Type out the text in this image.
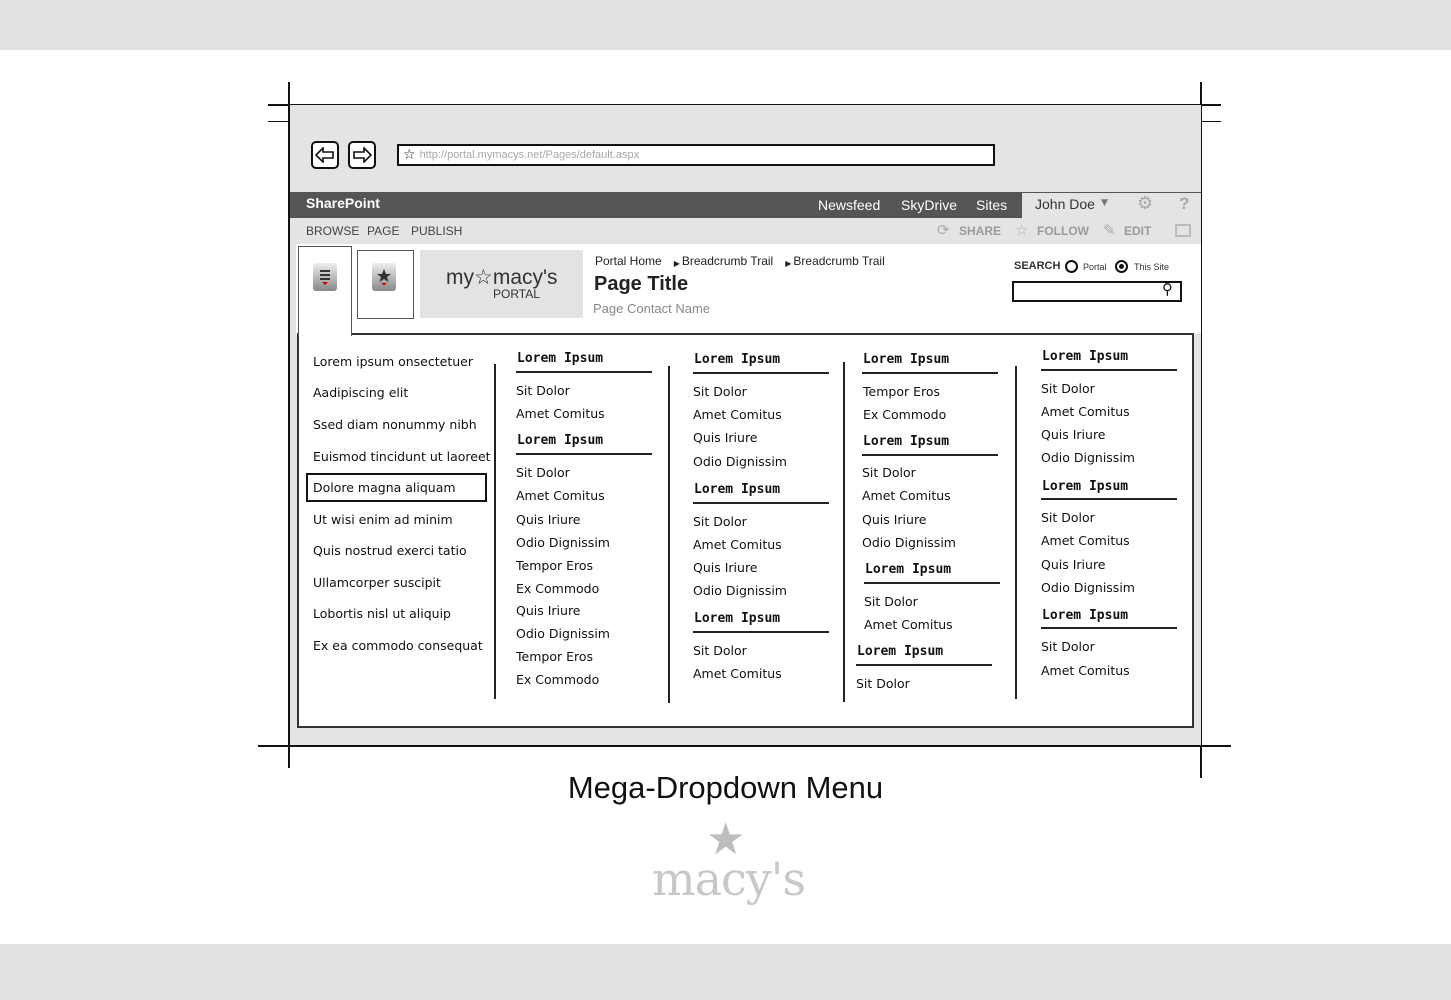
☆ http://portal.mymacys.net/Pages/default.aspx
SharePoint	Newsfeed SkyDrive Sites John Doe ▼ ⚙ ?
BROWSE PAGE PUBLISH	⟳ SHARE ☆ FOLLOW ✎ EDIT
my☆macy's
PORTAL
Portal Home	▶ Breadcrumb Trail	▶ Breadcrumb Trail
Page Title
Page Contact Name
SEARCH	Portal	This Site
⚲
Lorem ipsum onsectetuer
Aadipiscing elit
Ssed diam nonummy nibh
Euismod tincidunt ut laoreet
Dolore magna aliquam
Ut wisi enim ad minim
Quis nostrud exerci tatio
Ullamcorper suscipit
Lobortis nisl ut aliquip
Ex ea commodo consequat
Lorem Ipsum
Sit Dolor
Amet Comitus
Lorem Ipsum
Sit Dolor
Amet Comitus
Quis Iriure
Odio Dignissim
Tempor Eros
Ex Commodo
Quis Iriure
Odio Dignissim
Tempor Eros
Ex Commodo
Lorem Ipsum
Sit Dolor
Amet Comitus
Quis Iriure
Odio Dignissim
Lorem Ipsum
Sit Dolor
Amet Comitus
Quis Iriure
Odio Dignissim
Lorem Ipsum
Sit Dolor
Amet Comitus
Lorem Ipsum
Tempor Eros
Ex Commodo
Lorem Ipsum
Sit Dolor
Amet Comitus
Quis Iriure
Odio Dignissim
Lorem Ipsum
Sit Dolor
Amet Comitus
Lorem Ipsum
Sit Dolor
Lorem Ipsum
Sit Dolor
Amet Comitus
Quis Iriure
Odio Dignissim
Lorem Ipsum
Sit Dolor
Amet Comitus
Quis Iriure
Odio Dignissim
Lorem Ipsum
Sit Dolor
Amet Comitus
Mega-Dropdown Menu
★
macy's
